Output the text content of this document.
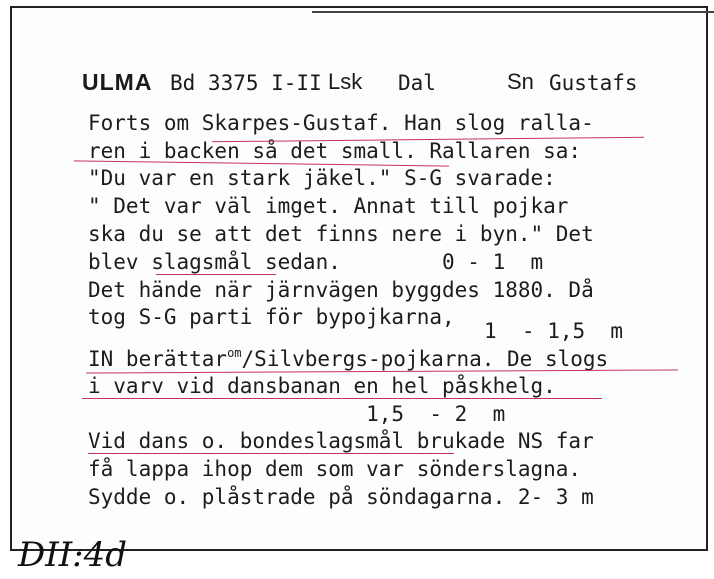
ULMA Bd 3375 I-II Lsk Dal	Sn Gustafs
Forts om Skarpes-Gustaf. Han slog ralla-
ren i backen så det small. Rallaren sa:
"Du var en stark jäkel." S-G svarade:
" Det var väl imget. Annat till pojkar
ska du se att det finns nere i byn." Det
blev slagsmål sedan.        0 - 1  m
Det hände när järnvägen byggdes 1880. Då
tog S-G parti för bypojkarna,
1  - 1,5  m
IN berättar$^{om}$/Silvbergs-pojkarna. De slogs
i varv vid dansbanan en hel påskhelg.
1,5  - 2  m
Vid dans o. bondeslagsmål brukade NS far
få lappa ihop dem som var sönderslagna.
Sydde o. plåstrade på söndagarna. 2- 3 m
DII:4d
